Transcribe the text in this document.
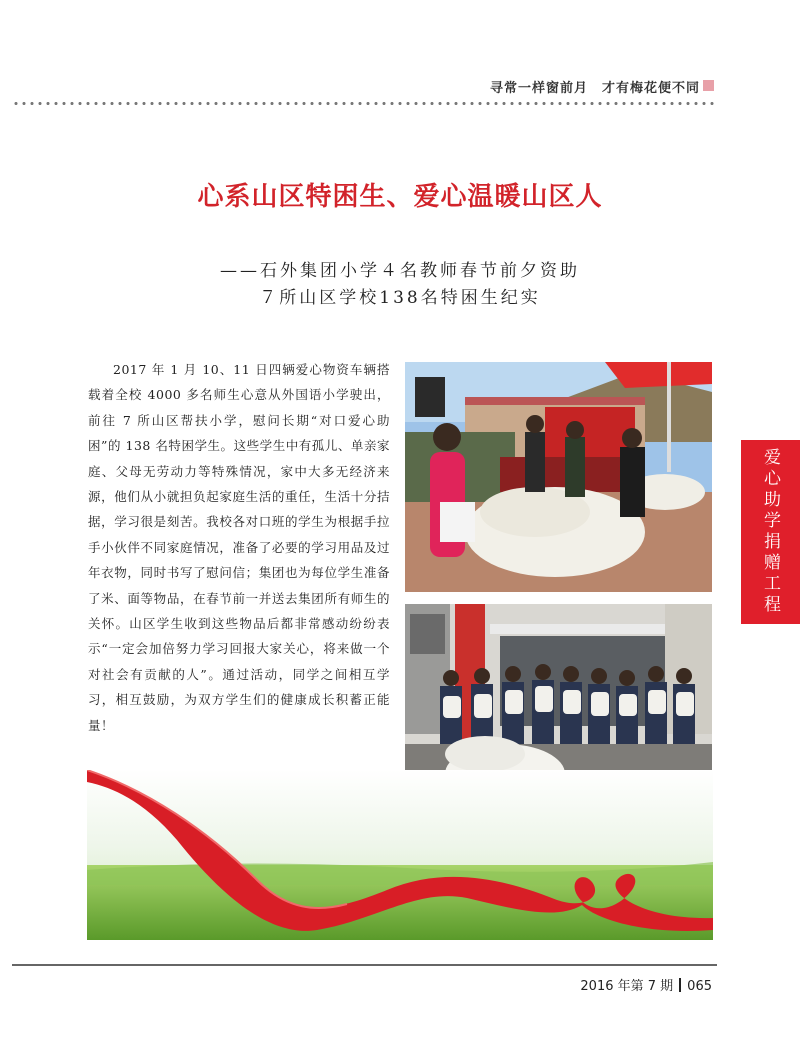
寻常一样窗前月　才有梅花便不同
心系山区特困生、爱心温暖山区人

——石外集团小学４名教师春节前夕资助

７所山区学校138名特困生纪实

2017 年 1 月 10、11 日四辆爱心物资车辆搭载着全校 4000 多名师生心意从外国语小学驶出，前往 7 所山区帮扶小学，慰问长期“对口爱心助困”的 138 名特困学生。这些学生中有孤儿、单亲家庭、父母无劳动力等特殊情况，家中大多无经济来源，他们从小就担负起家庭生活的重任，生活十分拮据，学习很是刻苦。我校各对口班的学生为根据手拉手小伙伴不同家庭情况，准备了必要的学习用品及过年衣物，同时书写了慰问信；集团也为每位学生准备了米、面等物品，在春节前一并送去集团所有师生的关怀。山区学生收到这些物品后都非常感动纷纷表示“一定会加倍努力学习回报大家关心，将来做一个对社会有贡献的人”。通过活动，同学之间相互学习，相互鼓励，为双方学生们的健康成长积蓄正能量！

爱心助学捐赠工程
2016 年第 7 期 065
